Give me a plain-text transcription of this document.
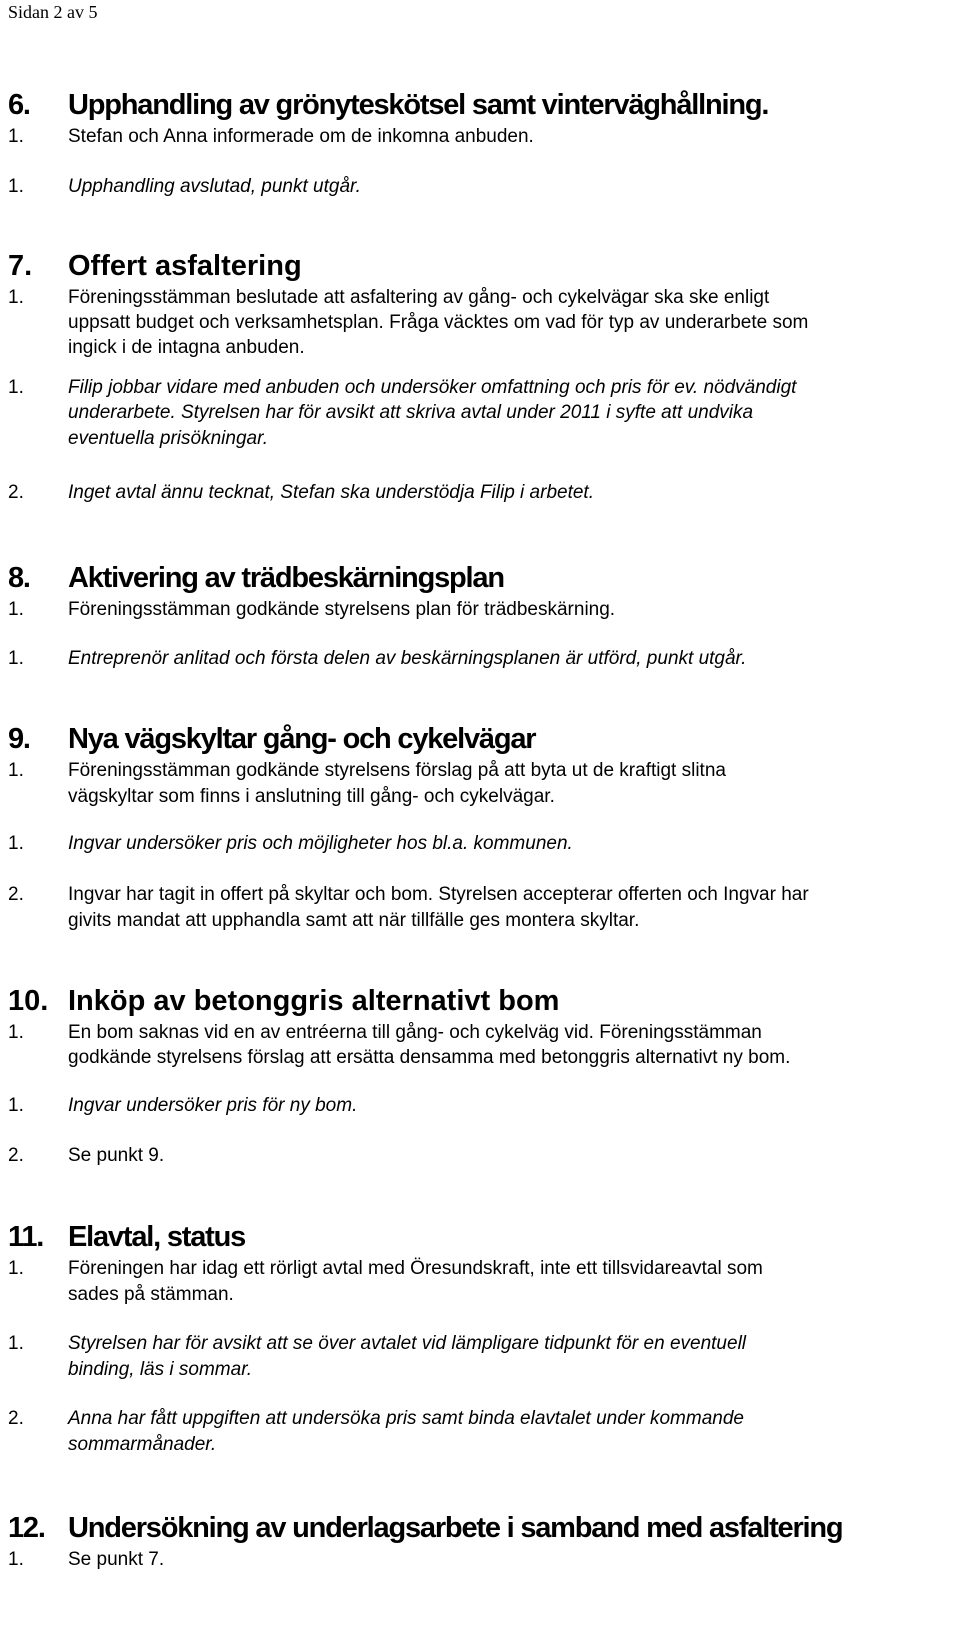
Sidan 2 av 5
6. Upphandling av grönyteskötsel samt vinterväghållning.
1. Stefan och Anna informerade om de inkomna anbuden.
1. Upphandling avslutad, punkt utgår.
7. Offert asfaltering
1. Föreningsstämman beslutade att asfaltering av gång- och cykelvägar ska ske enligt
uppsatt budget och verksamhetsplan. Fråga väcktes om vad för typ av underarbete som
ingick i de intagna anbuden.
1. Filip jobbar vidare med anbuden och undersöker omfattning och pris för ev. nödvändigt
underarbete. Styrelsen har för avsikt att skriva avtal under 2011 i syfte att undvika
eventuella prisökningar.
2. Inget avtal ännu tecknat, Stefan ska understödja Filip i arbetet.
8. Aktivering av trädbeskärningsplan
1. Föreningsstämman godkände styrelsens plan för trädbeskärning.
1. Entreprenör anlitad och första delen av beskärningsplanen är utförd, punkt utgår.
9. Nya vägskyltar gång- och cykelvägar
1. Föreningsstämman godkände styrelsens förslag på att byta ut de kraftigt slitna
vägskyltar som finns i anslutning till gång- och cykelvägar.
1. Ingvar undersöker pris och möjligheter hos bl.a. kommunen.
2. Ingvar har tagit in offert på skyltar och bom. Styrelsen accepterar offerten och Ingvar har
givits mandat att upphandla samt att när tillfälle ges montera skyltar.
10. Inköp av betonggris alternativt bom
1. En bom saknas vid en av entréerna till gång- och cykelväg vid. Föreningsstämman
godkände styrelsens förslag att ersätta densamma med betonggris alternativt ny bom.
1. Ingvar undersöker pris för ny bom.
2. Se punkt 9.
11. Elavtal, status
1. Föreningen har idag ett rörligt avtal med Öresundskraft, inte ett tillsvidareavtal som
sades på stämman.
1. Styrelsen har för avsikt att se över avtalet vid lämpligare tidpunkt för en eventuell
binding, läs i sommar.
2. Anna har fått uppgiften att undersöka pris samt binda elavtalet under kommande
sommarmånader.
12. Undersökning av underlagsarbete i samband med asfaltering
1. Se punkt 7.
